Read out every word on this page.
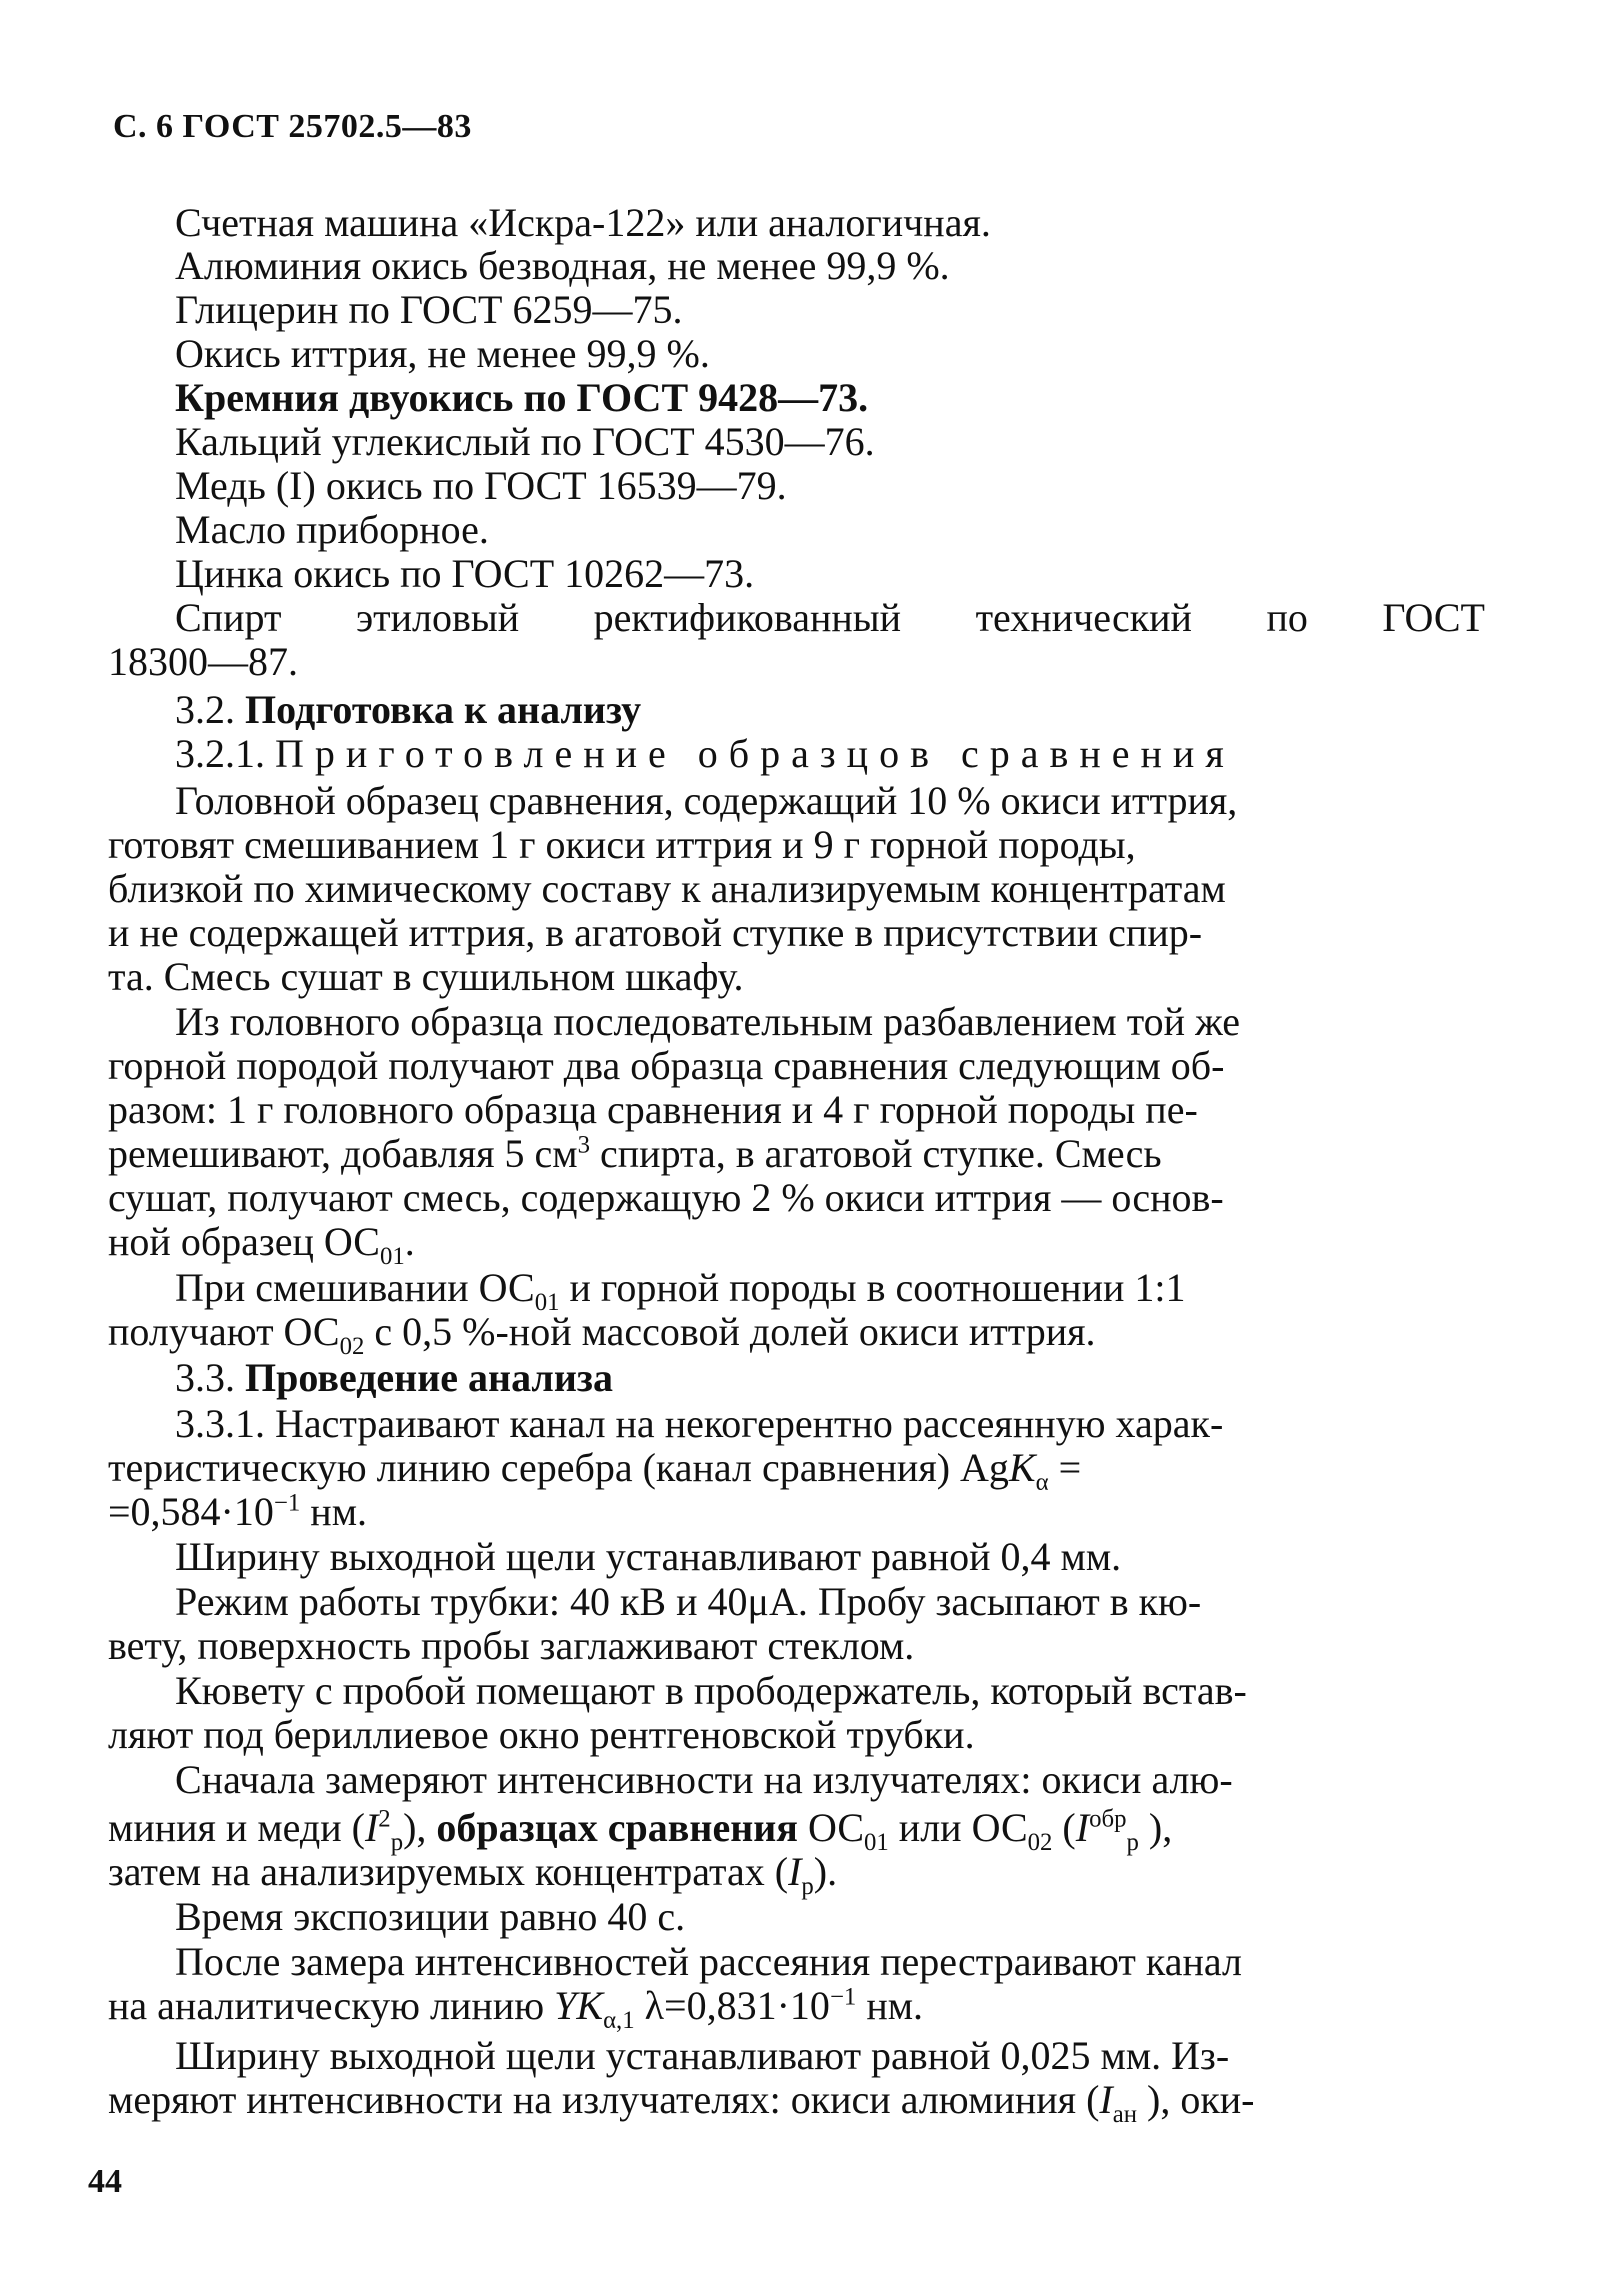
С. 6 ГОСТ 25702.5—83
Счетная машина «Искра-122» или аналогичная.
Алюминия окись безводная, не менее 99,9 %.
Глицерин по ГОСТ 6259—75.
Окись иттрия, не менее 99,9 %.
Кремния двуокись по ГОСТ 9428—73.
Кальций углекислый по ГОСТ 4530—76.
Медь (I) окись по ГОСТ 16539—79.
Масло приборное.
Цинка окись по ГОСТ 10262—73.
Спирт этиловый ректификованный технический по ГОСТ
18300—87.
3.2. Подготовка к анализу
3.2.1. Приготовление образцов сравнения
Головной образец сравнения, содержащий 10 % окиси иттрия,
готовят смешиванием 1 г окиси иттрия и 9 г горной породы,
близкой по химическому составу к анализируемым концентратам
и не содержащей иттрия, в агатовой ступке в присутствии спир-
та. Смесь сушат в сушильном шкафу.
Из головного образца последовательным разбавлением той же
горной породой получают два образца сравнения следующим об-
разом: 1 г головного образца сравнения и 4 г горной породы пе-
ремешивают, добавляя 5 $см^3$ спирта, в агатовой ступке. Смесь
сушат, получают смесь, содержащую 2 % окиси иттрия — основ-
ной образец $ОС_{01}$.
При смешивании $ОС_{01}$ и горной породы в соотношении 1:1
получают $ОС_{02}$ с 0,5 %-ной массовой долей окиси иттрия.
3.3. Проведение анализа
3.3.1. Настраивают канал на некогерентно рассеянную харак-
теристическую линию серебра (канал сравнения) AgK$_\alpha$ =
$=0,584\cdot 10^{-1}$ нм.
Ширину выходной щели устанавливают равной 0,4 мм.
Режим работы трубки: 40 кВ и 40μА. Пробу засыпают в кю-
вету, поверхность пробы заглаживают стеклом.
Кювету с пробой помещают в прободержатель, который встав-
ляют под бериллиевое окно рентгеновской трубки.
Сначала замеряют интенсивности на излучателях: окиси алю-
миния и меди $(I^2_р)$, образцах сравнения $ОС_{01}$ или $ОС_{02}$ ($I^{обр}_р$ ),
затем на анализируемых концентратах $(I_р)$.
Время экспозиции равно 40 с.
После замера интенсивностей рассеяния перестраивают канал
на аналитическую линию $YK_{\alpha,1}$ $\lambda=0,831\cdot 10^{-1}$ нм.
Ширину выходной щели устанавливают равной 0,025 мм. Из-
меряют интенсивности на излучателях: окиси алюминия ($I_{ан}$ ), оки-
44
